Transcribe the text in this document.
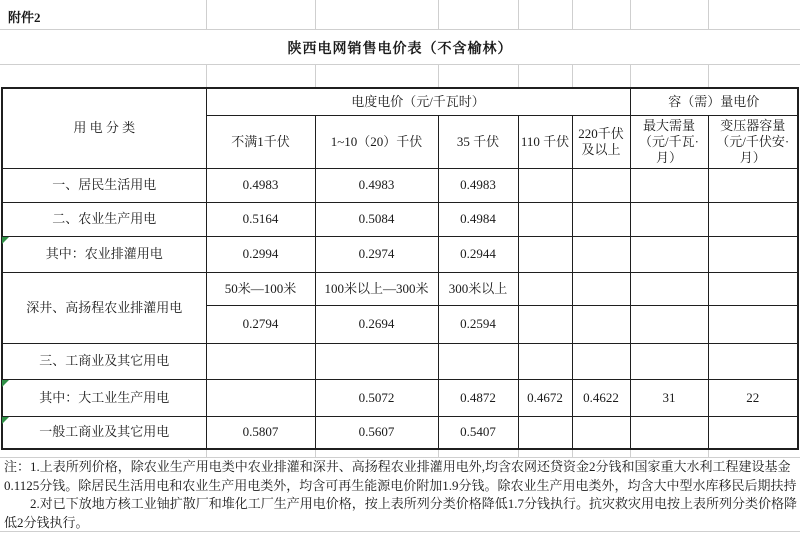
附件2
陕西电网销售电价表（不含榆林）
用 电 分 类	电度电价（元/千瓦时）					容（需）量电价	
	不满1千伏	1~10（20）千伏	35 千伏	110 千伏	220千伏及以上	最大需量（元/千瓦·月）	变压器容量（元/千伏安·月）
一、居民生活用电	0.4983	0.4983	0.4983				
二、农业生产用电	0.5164	0.5084	0.4984				
其中：农业排灌用电	0.2994	0.2974	0.2944				
深井、高扬程农业排灌用电	50米—100米	100米以上—300米	300米以上				
	0.2794	0.2694	0.2594				
三、工商业及其它用电							
其中：大工业生产用电		0.5072	0.4872	0.4672	0.4622	31	22
一般工商业及其它用电	0.5807	0.5607	0.5407				
注：1.上表所列价格，除农业生产用电类中农业排灌和深井、高扬程农业排灌用电外,均含农网还贷资金2分钱和国家重大水利工程建设基金
0.1125分钱。除居民生活用电和农业生产用电类外，均含可再生能源电价附加1.9分钱。除农业生产用电类外，均含大中型水库移民后期扶持
2.对已下放地方核工业铀扩散厂和堆化工厂生产用电价格，按上表所列分类价格降低1.7分钱执行。抗灾救灾用电按上表所列分类价格降
低2分钱执行。
